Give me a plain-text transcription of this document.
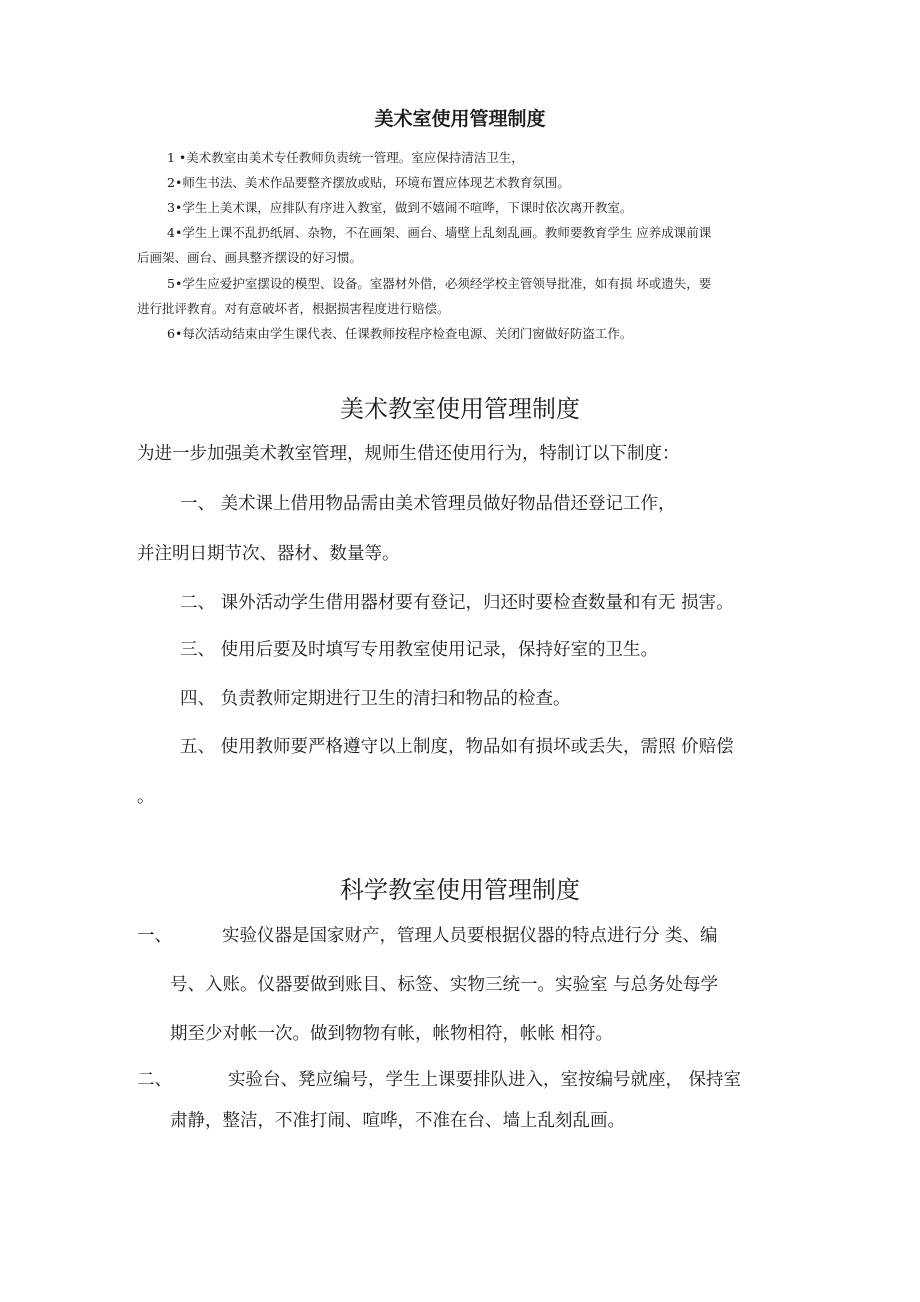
美术室使用管理制度
1 •美术教室由美术专任教师负责统一管理。室应保持清洁卫生，
2•师生书法、美术作品要整齐摆放或贴，环境布置应体现艺术教育氛围。
3•学生上美术课，应排队有序进入教室，做到不嬉闹不喧哗，下课时依次离开教室。
4•学生上课不乱扔纸屑、杂物，不在画架、画台、墙壁上乱刻乱画。教师要教育学生 应养成课前课
后画架、画台、画具整齐摆设的好习惯。
5•学生应爱护室摆设的模型、设备。室器材外借，必须经学校主管领导批准，如有损 坏或遗失，要
进行批评教育。对有意破坏者，根据损害程度进行赔偿。
6•每次活动结束由学生课代表、任课教师按程序检查电源、关闭门窗做好防盗工作。
美术教室使用管理制度
为进一步加强美术教室管理，规师生借还使用行为，特制订以下制度：
一、 美术课上借用物品需由美术管理员做好物品借还登记工作，
并注明日期节次、器材、数量等。
二、 课外活动学生借用器材要有登记，归还时要检查数量和有无 损害。
三、 使用后要及时填写专用教室使用记录，保持好室的卫生。
四、 负责教师定期进行卫生的清扫和物品的检查。
五、 使用教师要严格遵守以上制度，物品如有损坏或丢失，需照 价赔偿
。
科学教室使用管理制度
一、	实验仪器是国家财产，管理人员要根据仪器的特点进行分 类、编
号、入账。仪器要做到账目、标签、实物三统一。实验室 与总务处每学
期至少对帐一次。做到物物有帐，帐物相符，帐帐 相符。
二、	实验台、凳应编号，学生上课要排队进入，室按编号就座， 保持室
肃静，整洁，不准打闹、喧哗，不准在台、墙上乱刻乱画。
